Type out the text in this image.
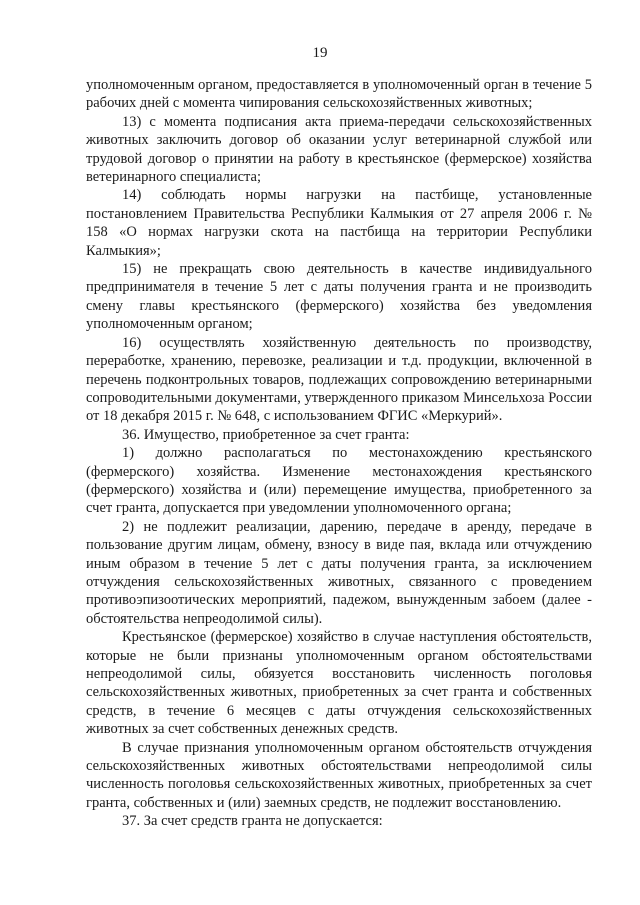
19

уполномоченным органом, предоставляется в уполномоченный орган в течение 5 рабочих дней с момента чипирования сельскохозяйственных животных;

13) с момента подписания акта приема-передачи сельскохозяйственных животных заключить договор об оказании услуг ветеринарной службой или трудовой договор о принятии на работу в крестьянское (фермерское) хозяйства ветеринарного специалиста;

14) соблюдать нормы нагрузки на пастбище, установленные постановлением Правительства Республики Калмыкия от 27 апреля 2006 г. № 158 «О нормах нагрузки скота на пастбища на территории Республики Калмыкия»;

15) не прекращать свою деятельность в качестве индивидуального предпринимателя в течение 5 лет с даты получения гранта и не производить смену главы крестьянского (фермерского) хозяйства без уведомления уполномоченным органом;

16) осуществлять хозяйственную деятельность по производству, переработке, хранению, перевозке, реализации и т.д. продукции, включенной в перечень подконтрольных товаров, подлежащих сопровождению ветеринарными сопроводительными документами, утвержденного приказом Минсельхоза России от 18 декабря 2015 г. № 648, с использованием ФГИС «Меркурий».

36. Имущество, приобретенное за счет гранта:

1) должно располагаться по местонахождению крестьянского (фермерского) хозяйства. Изменение местонахождения крестьянского (фермерского) хозяйства и (или) перемещение имущества, приобретенного за счет гранта, допускается при уведомлении уполномоченного органа;

2) не подлежит реализации, дарению, передаче в аренду, передаче в пользование другим лицам, обмену, взносу в виде пая, вклада или отчуждению иным образом в течение 5 лет с даты получения гранта, за исключением отчуждения сельскохозяйственных животных, связанного с проведением противоэпизоотических мероприятий, падежом, вынужденным забоем (далее - обстоятельства непреодолимой силы).

Крестьянское (фермерское) хозяйство в случае наступления обстоятельств, которые не были признаны уполномоченным органом обстоятельствами непреодолимой силы, обязуется восстановить численность поголовья сельскохозяйственных животных, приобретенных за счет гранта и собственных средств, в течение 6 месяцев с даты отчуждения сельскохозяйственных животных за счет собственных денежных средств.

В случае признания уполномоченным органом обстоятельств отчуждения сельскохозяйственных животных обстоятельствами непреодолимой силы численность поголовья сельскохозяйственных животных, приобретенных за счет гранта, собственных и (или) заемных средств, не подлежит восстановлению.

37. За счет средств гранта не допускается:
